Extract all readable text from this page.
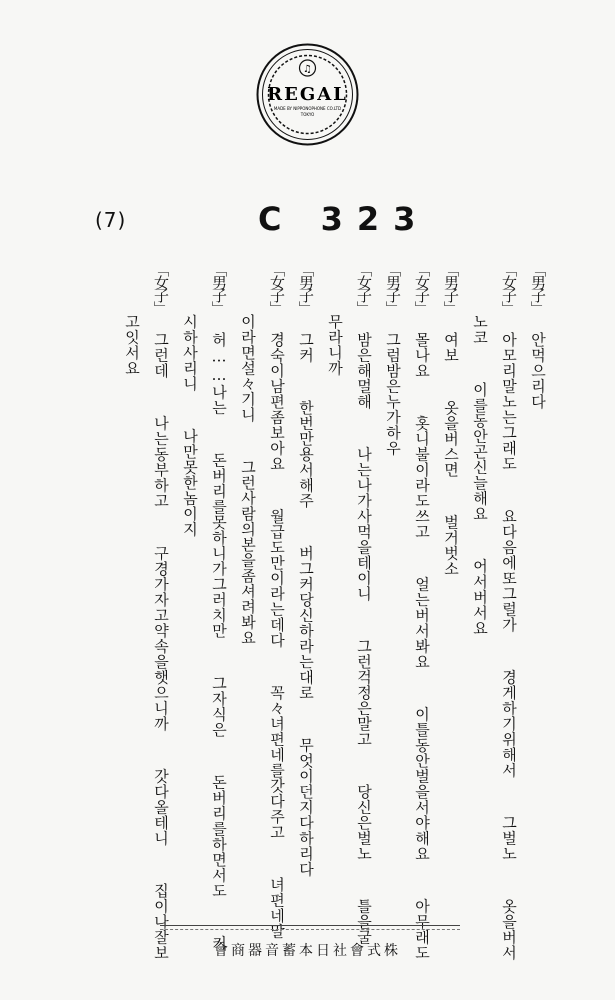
♫
REGAL
MADE BY NIPPONOPHONE CO.LTD
TOKYO
(7)	C 323
「男子」안먹으리다
「女子」아모리말노는그래도  요다음에또그럴가  경게하기위해서  그벌노  옷을버서
노코  이를동안곤신늘해요  어서버서요
「男子」여보  옷을버스면  벌거벗소
「女子」몰나요  홋니불이라도쓰고  얼는버서봐요  이틀동안벌을서야해요  아무래도
「男子」그럼밤은누가하우
「女子」밤은해멀해  나는나가사먹을테이니  그런걱정은말고  당신은벌노  틀을굴
무라니까
「男子」그커  한번만용서해주  버그커당신하라는대로  무엇이던지다하리다
「女子」경숙이남편좀보아요  월급도만이라는데다  꼭々녀편네를갓다주고  녀편네말
이라면설々기니  그런사람의본을좀셔려봐요
「男子」허……나는  돈버리를못하니가그러치만  그자식은  돈버리를하면서도  커
시하사리니  나만못한놈이지
「女子」그런데  나는동부하고  구경가자고약속을햇으니까  갓다올테니  집이나잘보
고잇서요
會商器音蓄本日社會式株
